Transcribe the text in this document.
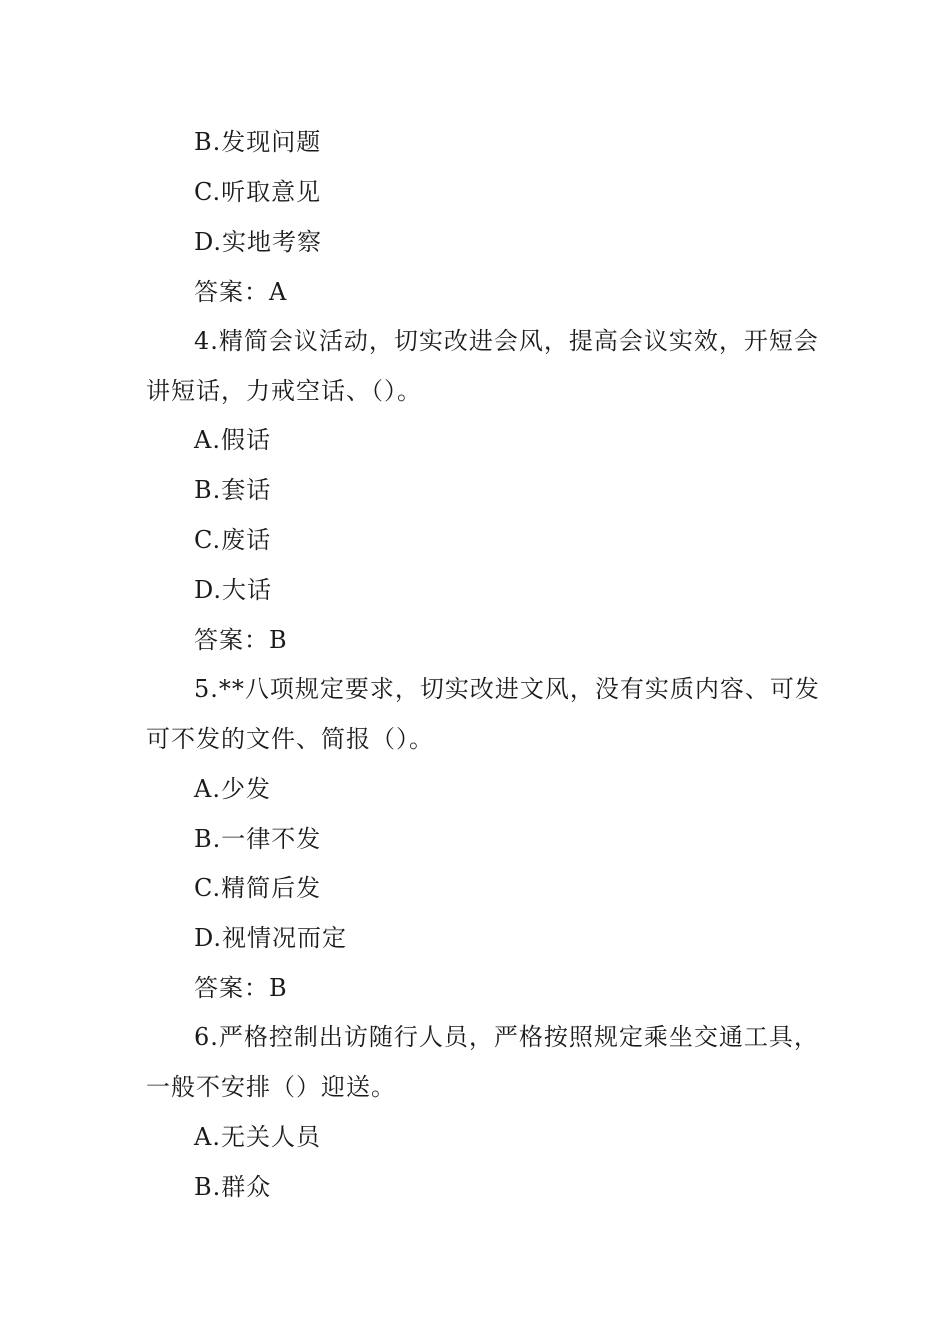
B.发现问题
C.听取意见
D.实地考察
答案：A
4.精简会议活动，切实改进会风，提高会议实效，开短会
讲短话，力戒空话、（）。
A.假话
B.套话
C.废话
D.大话
答案：B
5.**八项规定要求，切实改进文风，没有实质内容、可发
可不发的文件、简报（）。
A.少发
B.一律不发
C.精简后发
D.视情况而定
答案：B
6.严格控制出访随行人员，严格按照规定乘坐交通工具，
一般不安排（）迎送。
A.无关人员
B.群众
